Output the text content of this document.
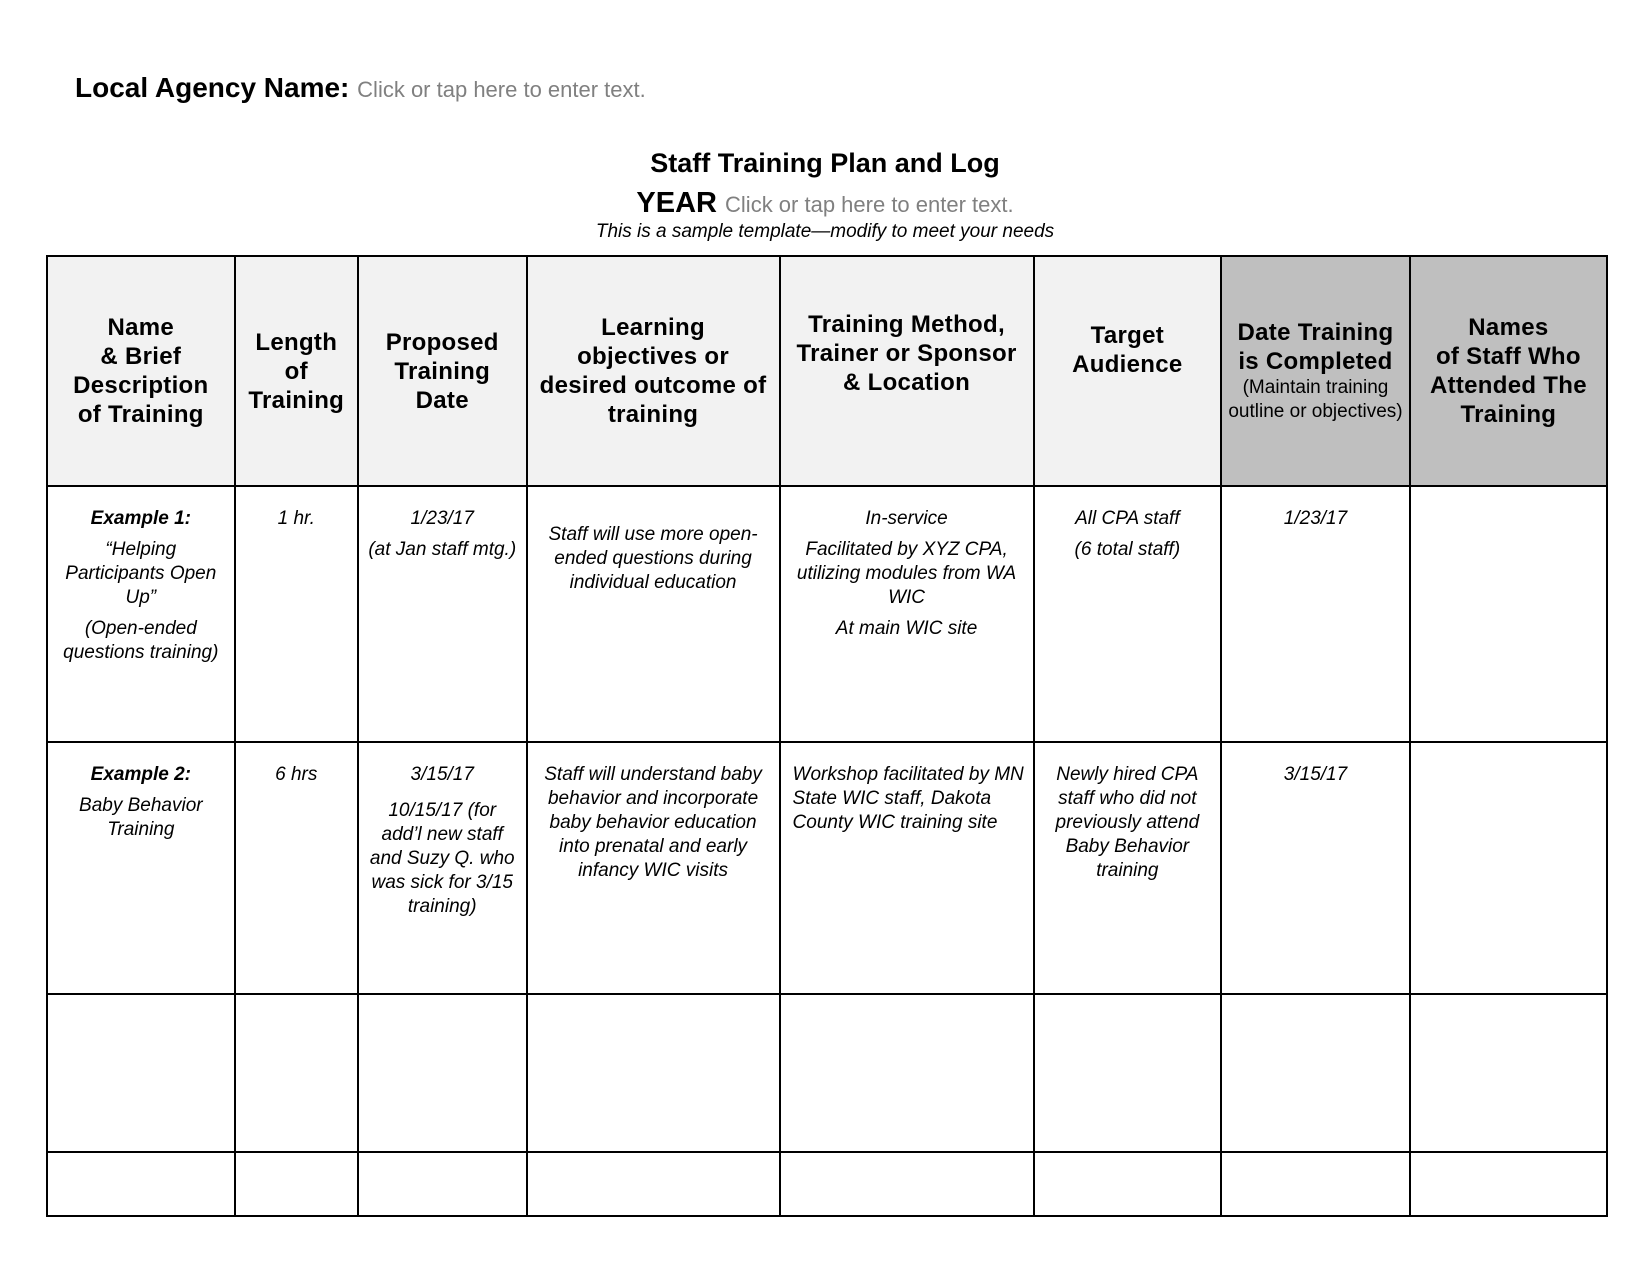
Local Agency Name: Click or tap here to enter text.
Staff Training Plan and Log
YEAR Click or tap here to enter text.
This is a sample template—modify to meet your needs
Name
& Brief
Description
of Training	Length
of
Training	Proposed
Training
Date	Learning
objectives or
desired outcome of
training	Training Method,
Trainer or Sponsor
& Location	Target
Audience	Date Training
is Completed
(Maintain training outline or objectives)	Names
of Staff Who
Attended The
Training
Example 1:
“Helping Participants Open Up”
(Open-ended questions training)	1 hr.	1/23/17
(at Jan staff mtg.)	Staff will use more open-ended questions during individual education	In-service
Facilitated by XYZ CPA, utilizing modules from WA WIC
At main WIC site	All CPA staff
(6 total staff)	1/23/17	
Example 2:
Baby Behavior Training	6 hrs	3/15/17
10/15/17 (for add’l new staff and Suzy Q. who was sick for 3/15 training)	Staff will understand baby behavior and incorporate baby behavior education into prenatal and early infancy WIC visits	Workshop facilitated by MN State WIC staff, Dakota County WIC training site	Newly hired CPA staff who did not previously attend Baby Behavior training	3/15/17	
